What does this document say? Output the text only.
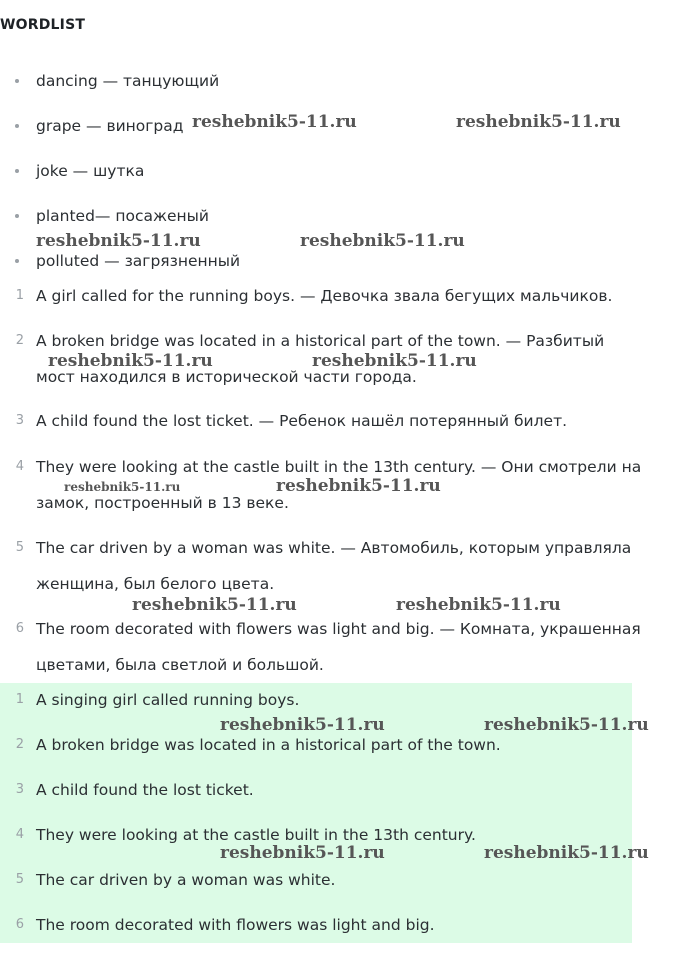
WORDLIST
dancing — танцующий
grape — виноград
joke — шутка
planted— посаженый
polluted — загрязненный
1 A girl called for the running boys. — Девочка звала бегущих мальчиков.
2 A broken bridge was located in a historical part of the town. — Разбитый
мост находился в исторической части города.
3 A child found the lost ticket. — Ребенок нашёл потерянный билет.
4 They were looking at the castle built in the 13th century. — Они смотрели на
замок, построенный в 13 веке.
5 The car driven by a woman was white. — Автомобиль, которым управляла
женщина, был белого цвета.
6 The room decorated with flowers was light and big. — Комната, украшенная
цветами, была светлой и большой.
1 A singing girl called running boys.
2 A broken bridge was located in a historical part of the town.
3 A child found the lost ticket.
4 They were looking at the castle built in the 13th century.
5 The car driven by a woman was white.
6 The room decorated with flowers was light and big.
reshebnik5-11.ru	reshebnik5-11.ru
reshebnik5-11.ru	reshebnik5-11.ru
reshebnik5-11.ru	reshebnik5-11.ru
reshebnik5-11.ru	reshebnik5-11.ru
reshebnik5-11.ru	reshebnik5-11.ru
reshebnik5-11.ru	reshebnik5-11.ru
reshebnik5-11.ru	reshebnik5-11.ru
